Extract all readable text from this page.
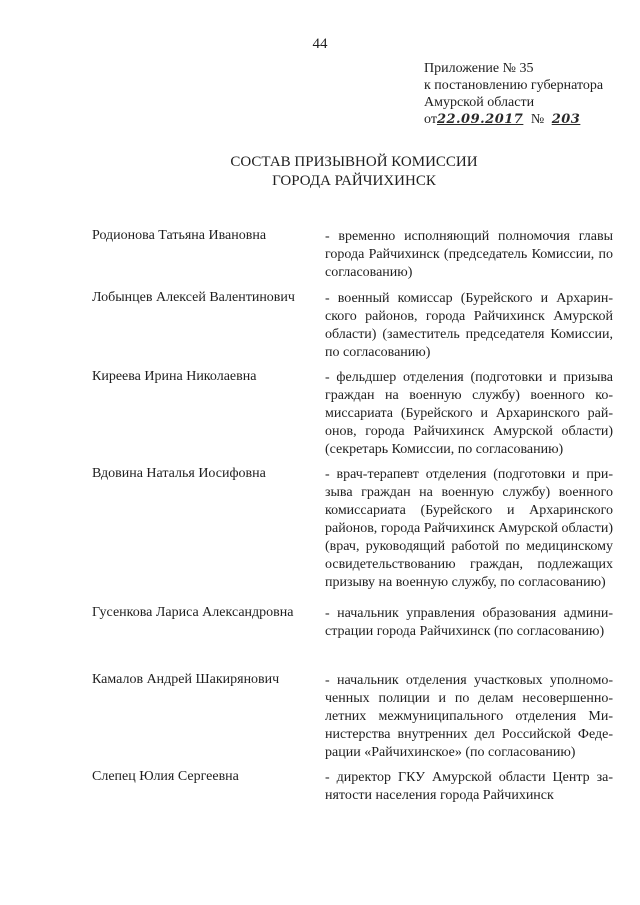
44
Приложение № 35
к постановлению губернатора
Амурской области
от22.09.2017 № 203
СОСТАВ ПРИЗЫВНОЙ КОМИССИИ
ГОРОДА РАЙЧИХИНСК
Родионова Татьяна Ивановна	- временно исполняющий полномочия главы города Райчихинск (председатель Комиссии, по согласованию)
Лобынцев Алексей Валентинович	- военный комиссар (Бурейского и Архаринского районов, города Райчихинск Амурской области) (заместитель председателя Комиссии, по согласованию)
Киреева Ирина Николаевна	- фельдшер отделения (подготовки и призыва граждан на военную службу) военного комиссариата (Бурейского и Архаринского районов, города Райчихинск Амурской области) (секретарь Комиссии, по согласованию)
Вдовина Наталья Иосифовна	- врач-терапевт отделения (подготовки и призыва граждан на военную службу) военного комиссариата (Бурейского и Архаринского районов, города Райчихинск Амурской области) (врач, руководящий работой по медицинскому освидетельствованию граждан, подлежащих призыву на военную службу, по согласованию)
Гусенкова Лариса Александровна	- начальник управления образования администрации города Райчихинск (по согласованию)
Камалов Андрей Шакирянович	- начальник отделения участковых уполномоченных полиции и по делам несовершеннолетних межмуниципального отделения Министерства внутренних дел Российской Федерации «Райчихинское» (по согласованию)
Слепец Юлия Сергеевна	- директор ГКУ Амурской области Центр занятости населения города Райчихинск
